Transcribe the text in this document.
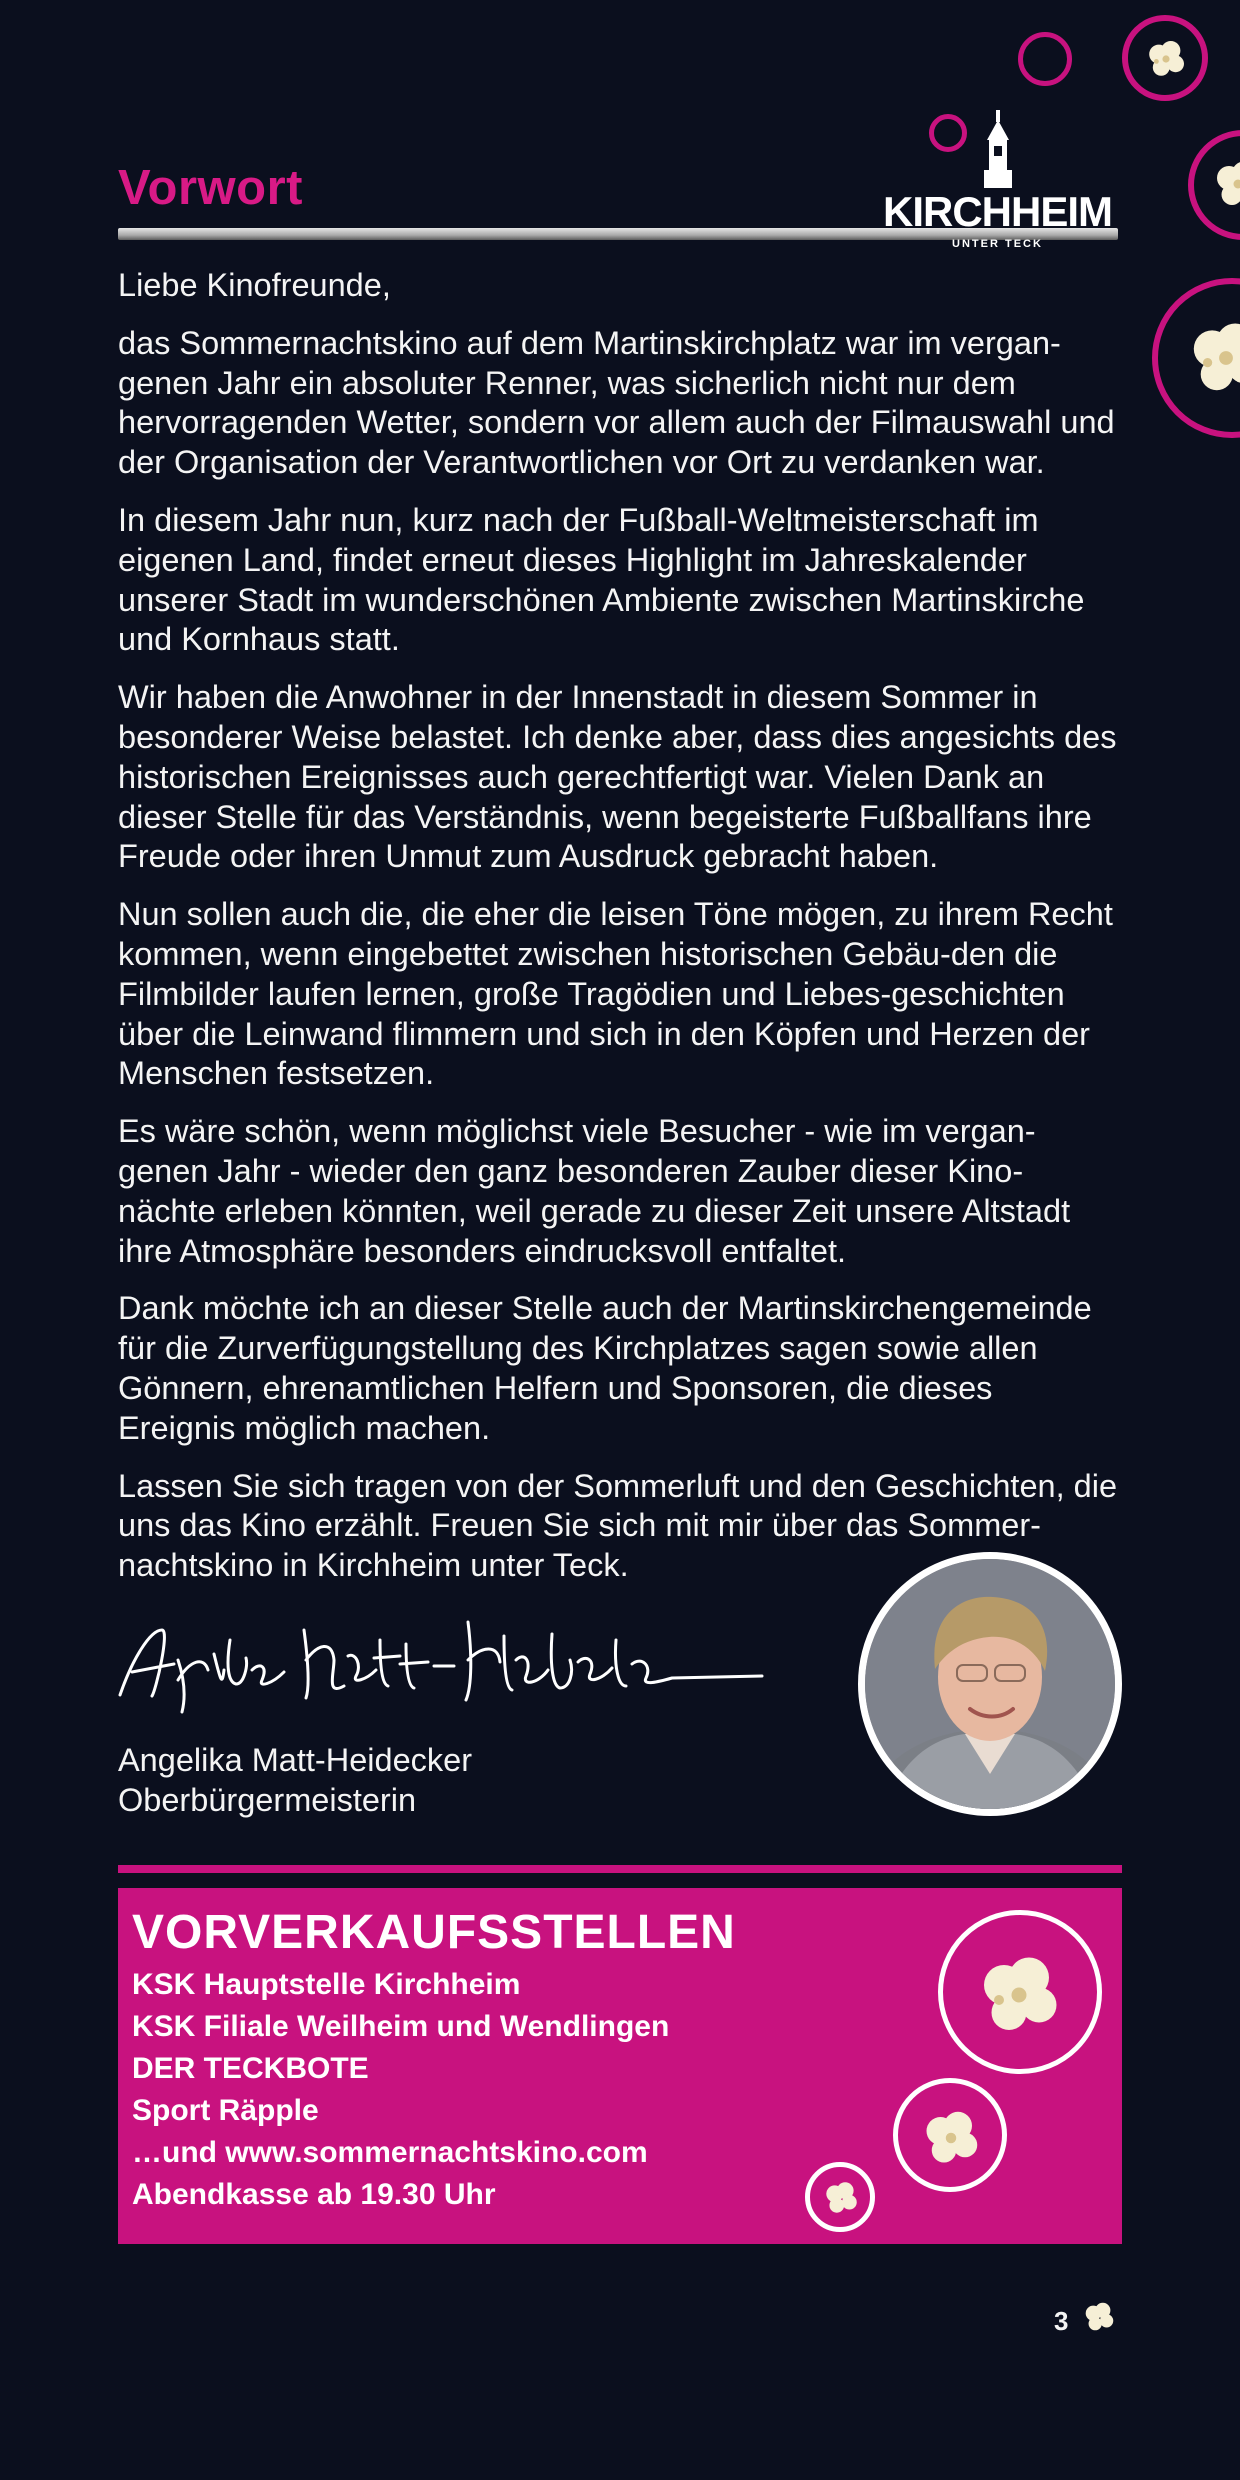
Vorwort	KIRCHHEIM
UNTER TECK

Liebe Kinofreunde,

das Sommernachtskino auf dem Martinskirchplatz war im vergan-genen Jahr ein absoluter Renner, was sicherlich nicht nur dem hervorragenden Wetter, sondern vor allem auch der Filmauswahl und der Organisation der Verantwortlichen vor Ort zu verdanken war.

In diesem Jahr nun, kurz nach der Fußball-Weltmeisterschaft im eigenen Land, findet erneut dieses Highlight im Jahreskalender unserer Stadt im wunderschönen Ambiente zwischen Martinskirche und Kornhaus statt.

Wir haben die Anwohner in der Innenstadt in diesem Sommer in besonderer Weise belastet. Ich denke aber, dass dies angesichts des historischen Ereignisses auch gerechtfertigt war. Vielen Dank an dieser Stelle für das Verständnis, wenn begeisterte Fußballfans ihre Freude oder ihren Unmut zum Ausdruck gebracht haben.

Nun sollen auch die, die eher die leisen Töne mögen, zu ihrem Recht kommen, wenn eingebettet zwischen historischen Gebäu-den die Filmbilder laufen lernen, große Tragödien und Liebes-geschichten über die Leinwand flimmern und sich in den Köpfen und Herzen der Menschen festsetzen.

Es wäre schön, wenn möglichst viele Besucher - wie im vergan-genen Jahr - wieder den ganz besonderen Zauber dieser Kino-nächte erleben könnten, weil gerade zu dieser Zeit unsere Altstadt ihre Atmosphäre besonders eindrucksvoll entfaltet.

Dank möchte ich an dieser Stelle auch der Martinskirchengemeinde für die Zurverfügungstellung des Kirchplatzes sagen sowie allen Gönnern, ehrenamtlichen Helfern und Sponsoren, die dieses Ereignis möglich machen.

Lassen Sie sich tragen von der Sommerluft und den Geschichten, die uns das Kino erzählt. Freuen Sie sich mit mir über das Sommer-nachtskino in Kirchheim unter Teck.

Angelika Matt-Heidecker
Oberbürgermeisterin
VORVERKAUFSSTELLEN
KSK Hauptstelle Kirchheim
KSK Filiale Weilheim und Wendlingen
DER TECKBOTE
Sport Räpple
…und www.sommernachtskino.com
Abendkasse ab 19.30 Uhr
3
